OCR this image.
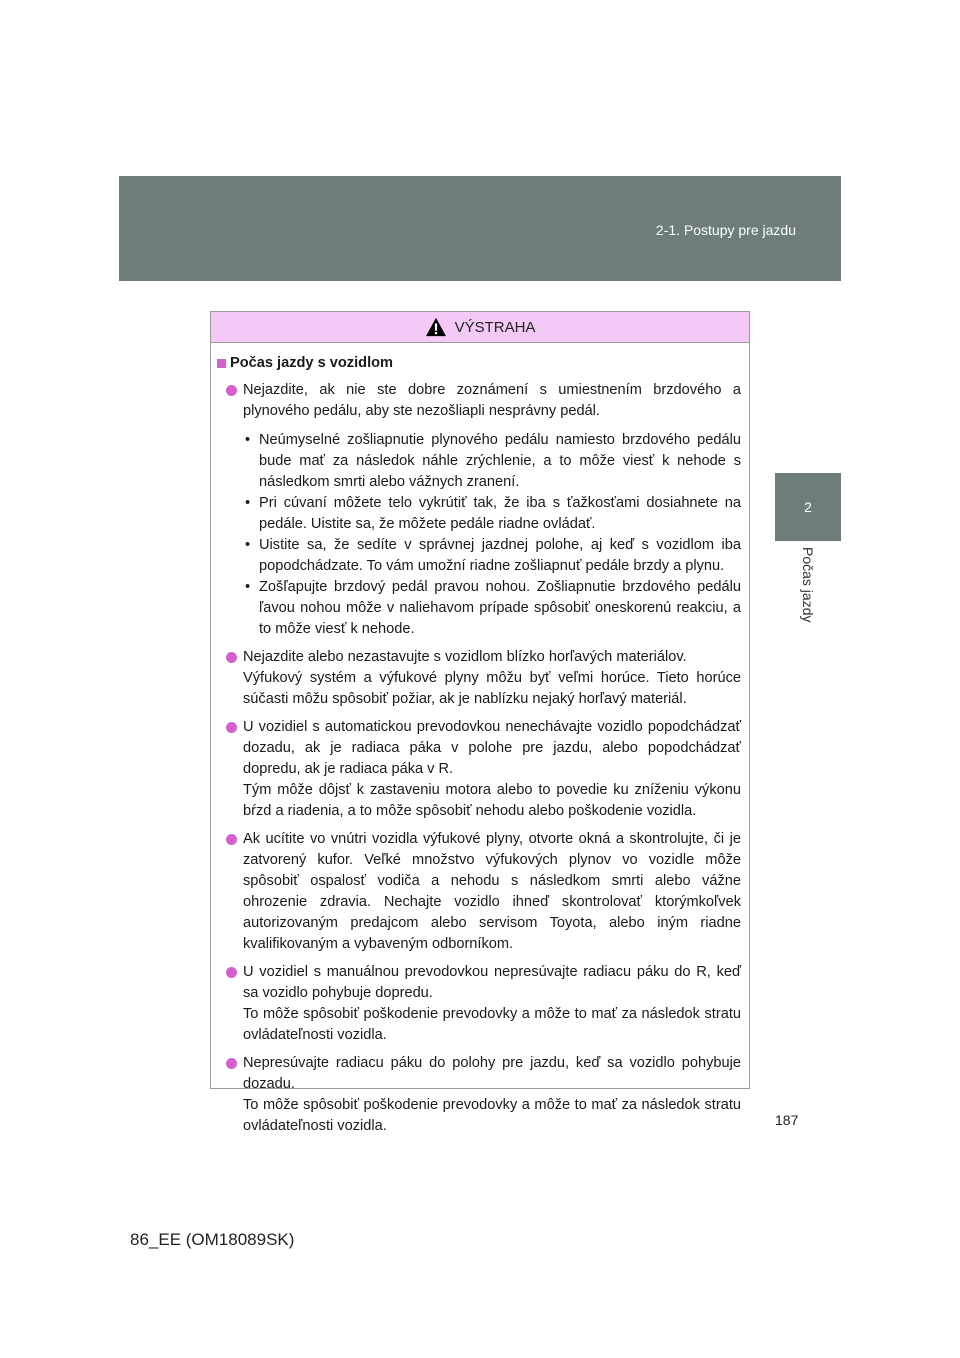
2-1. Postupy pre jazdu
2
Počas jazdy
VÝSTRAHA
Počas jazdy s vozidlom

Nejazdite, ak nie ste dobre zoznámení s umiestnením brzdového a plynového pedálu, aby ste nezošliapli nesprávny pedál.

• Neúmyselné zošliapnutie plynového pedálu namiesto brzdového pedálu bude mať za následok náhle zrýchlenie, a to môže viesť k nehode s následkom smrti alebo vážnych zranení.
• Pri cúvaní môžete telo vykrútiť tak, že iba s ťažkosťami dosiahnete na pedále. Uistite sa, že môžete pedále riadne ovládať.
• Uistite sa, že sedíte v správnej jazdnej polohe, aj keď s vozidlom iba popodchádzate. To vám umožní riadne zošliapnuť pedále brzdy a plynu.
• Zošľapujte brzdový pedál pravou nohou. Zošliapnutie brzdového pedálu ľavou nohou môže v naliehavom prípade spôsobiť oneskorenú reakciu, a to môže viesť k nehode.

Nejazdite alebo nezastavujte s vozidlom blízko horľavých materiálov.

Výfukový systém a výfukové plyny môžu byť veľmi horúce. Tieto horúce súčasti môžu spôsobiť požiar, ak je nablízku nejaký horľavý materiál.

U vozidiel s automatickou prevodovkou nenechávajte vozidlo popodchádzať dozadu, ak je radiaca páka v polohe pre jazdu, alebo popodchádzať dopredu, ak je radiaca páka v R.

Tým môže dôjsť k zastaveniu motora alebo to povedie ku zníženiu výkonu bŕzd a riadenia, a to môže spôsobiť nehodu alebo poškodenie vozidla.

Ak ucítite vo vnútri vozidla výfukové plyny, otvorte okná a skontrolujte, či je zatvorený kufor. Veľké množstvo výfukových plynov vo vozidle môže spôsobiť ospalosť vodiča a nehodu s následkom smrti alebo vážne ohrozenie zdravia. Nechajte vozidlo ihneď skontrolovať ktorýmkoľvek autorizovaným predajcom alebo servisom Toyota, alebo iným riadne kvalifikovaným a vybaveným odborníkom.

U vozidiel s manuálnou prevodovkou nepresúvajte radiacu páku do R, keď sa vozidlo pohybuje dopredu.

To môže spôsobiť poškodenie prevodovky a môže to mať za následok stratu ovládateľnosti vozidla.

Nepresúvajte radiacu páku do polohy pre jazdu, keď sa vozidlo pohybuje dozadu.

To môže spôsobiť poškodenie prevodovky a môže to mať za následok stratu ovládateľnosti vozidla.	187
86_EE (OM18089SK)
